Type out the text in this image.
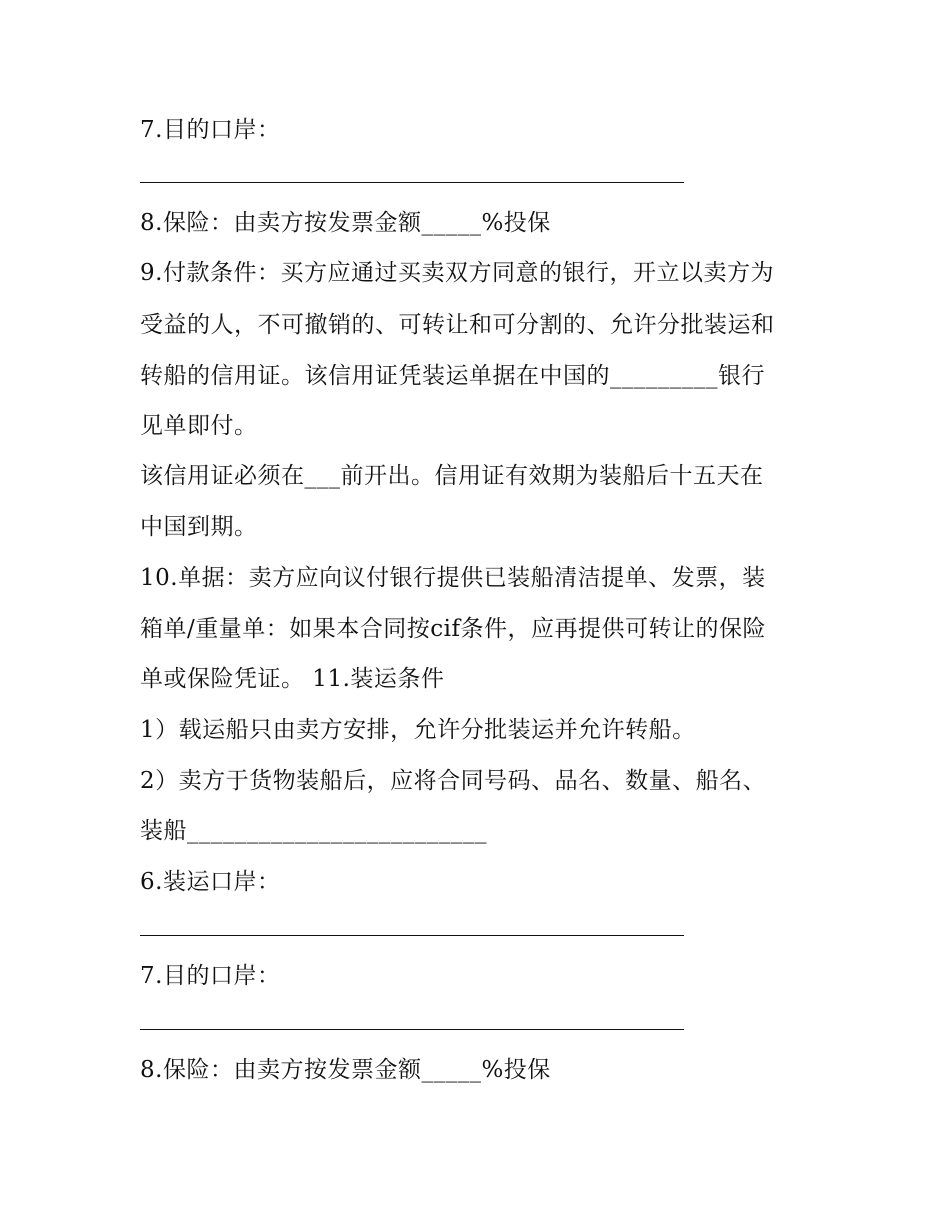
7.目的口岸：
8.保险：由卖方按发票金额_____%投保
9.付款条件：买方应通过买卖双方同意的银行，开立以卖方为
受益的人，不可撤销的、可转让和可分割的、允许分批装运和
转船的信用证。该信用证凭装运单据在中国的_________银行
见单即付。
该信用证必须在___前开出。信用证有效期为装船后十五天在
中国到期。
10.单据：卖方应向议付银行提供已装船清洁提单、发票，装
箱单/重量单：如果本合同按cif条件，应再提供可转让的保险
单或保险凭证。 11.装运条件
1）载运船只由卖方安排，允许分批装运并允许转船。
2）卖方于货物装船后，应将合同号码、品名、数量、船名、
装船_________________________
6.装运口岸：
7.目的口岸：
8.保险：由卖方按发票金额_____%投保
